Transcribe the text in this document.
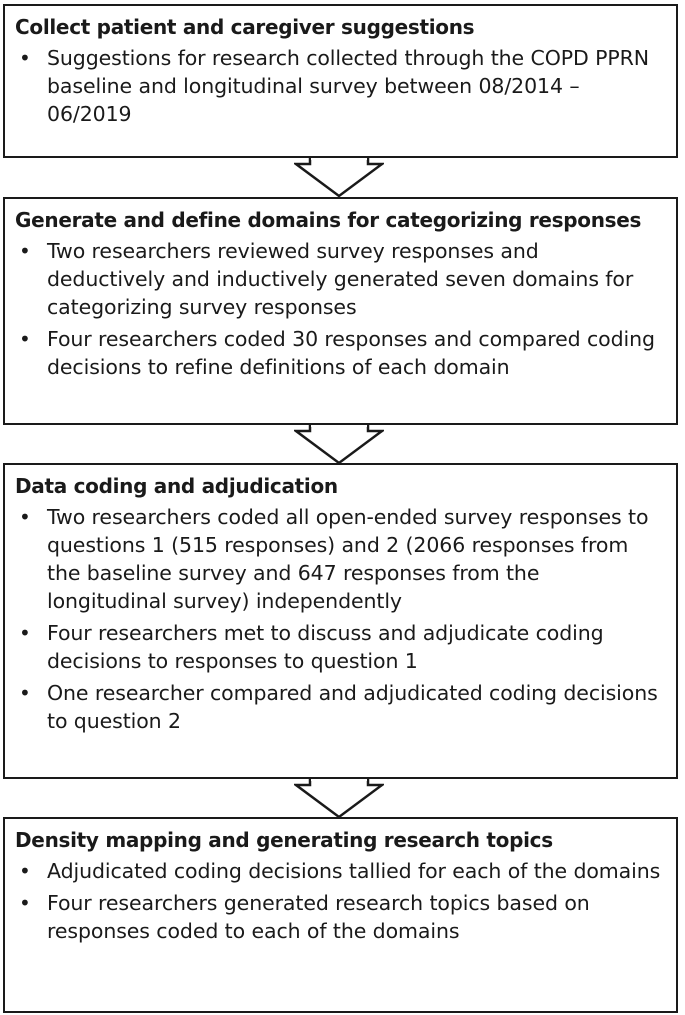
Collect patient and caregiver suggestions
• Suggestions for research collected through the COPD PPRN baseline and longitudinal survey between 08/2014 – 06/2019
Generate and define domains for categorizing responses
• Two researchers reviewed survey responses and deductively and inductively generated seven domains for categorizing survey responses
• Four researchers coded 30 responses and compared coding decisions to refine definitions of each domain
Data coding and adjudication
• Two researchers coded all open-ended survey responses to questions 1 (515 responses) and 2 (2066 responses from the baseline survey and 647 responses from the longitudinal survey) independently
• Four researchers met to discuss and adjudicate coding decisions to responses to question 1
• One researcher compared and adjudicated coding decisions to question 2
Density mapping and generating research topics
• Adjudicated coding decisions tallied for each of the domains
• Four researchers generated research topics based on responses coded to each of the domains
